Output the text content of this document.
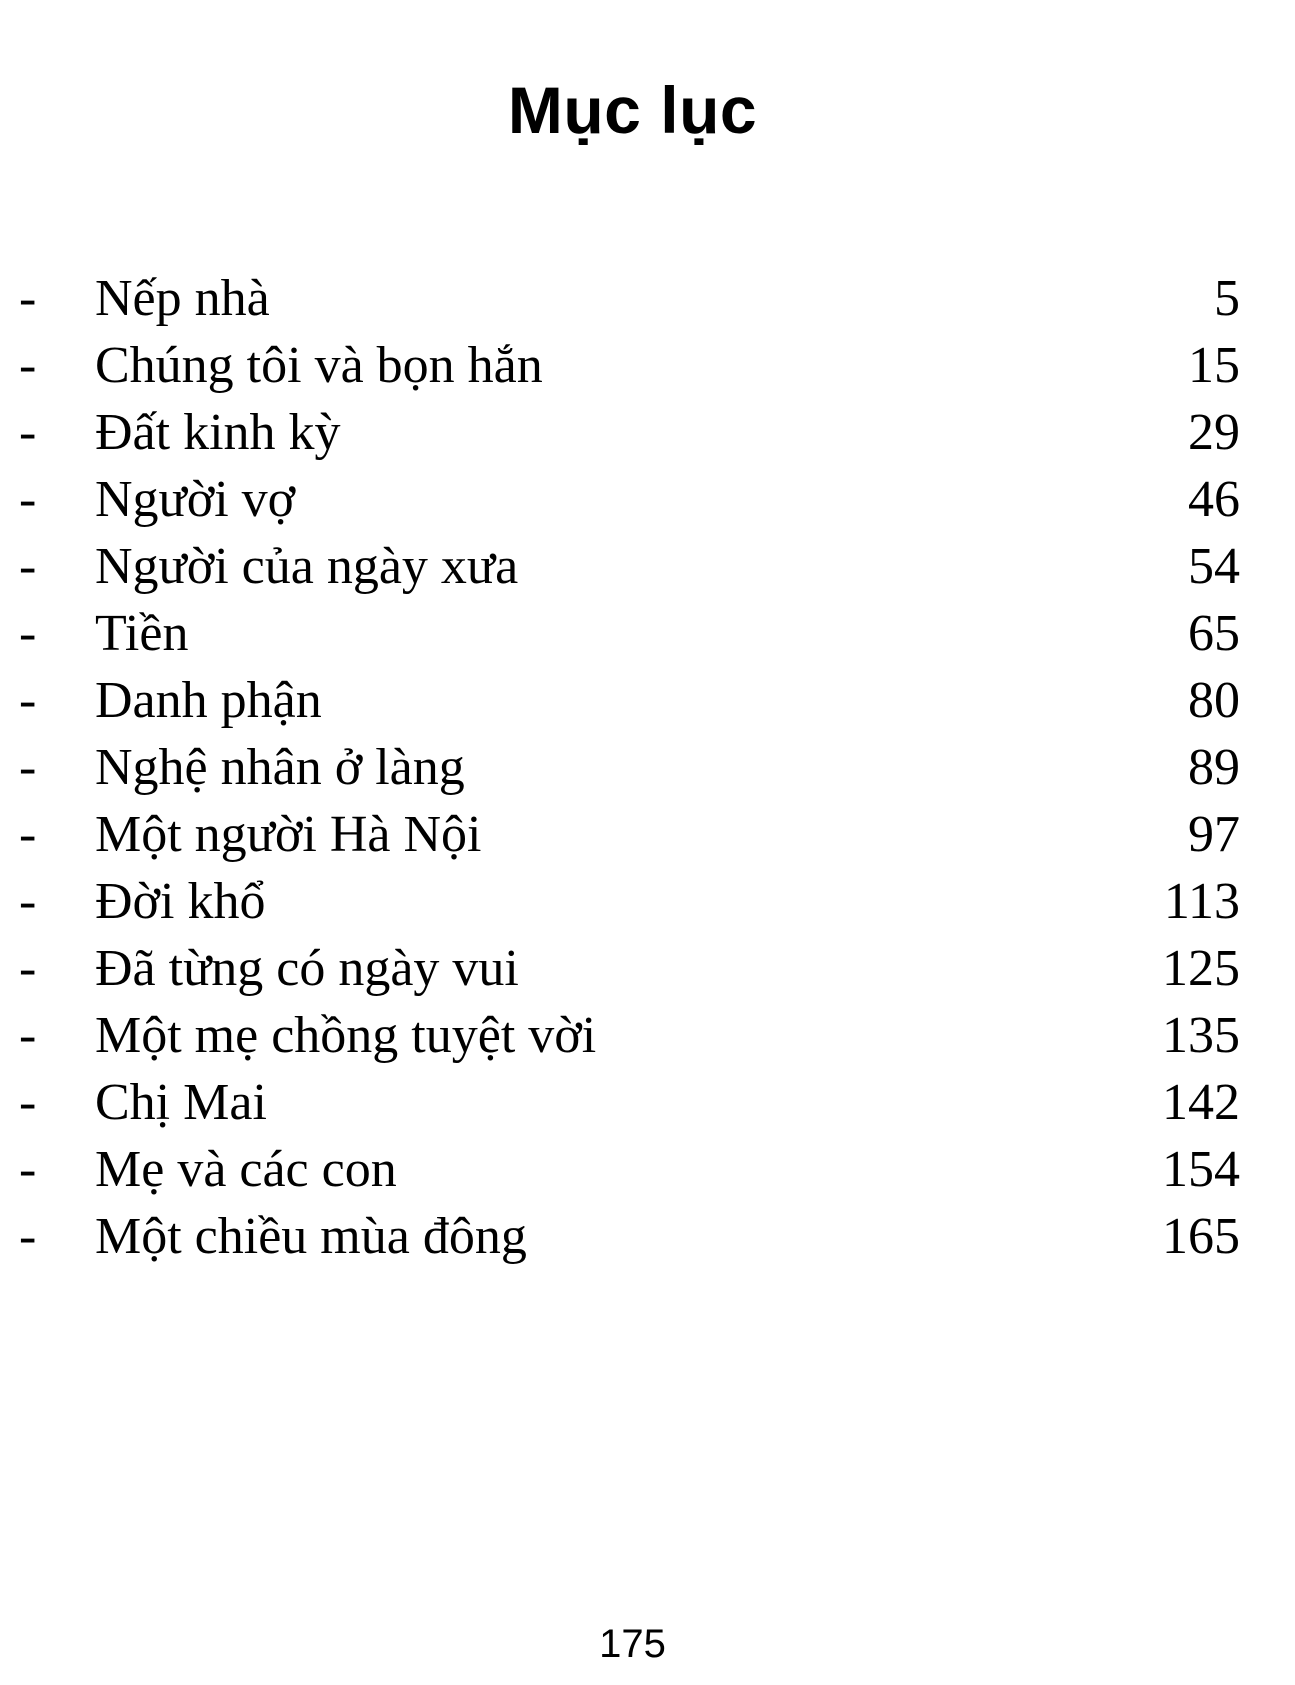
Mục lục
- Nếp nhà	5
- Chúng tôi và bọn hắn	15
- Đất kinh kỳ	29
- Người vợ	46
- Người của ngày xưa	54
- Tiền	65
- Danh phận	80
- Nghệ nhân ở làng	89
- Một người Hà Nội	97
- Đời khổ	113
- Đã từng có ngày vui	125
- Một mẹ chồng tuyệt vời	135
- Chị Mai	142
- Mẹ và các con	154
- Một chiều mùa đông	165
175
